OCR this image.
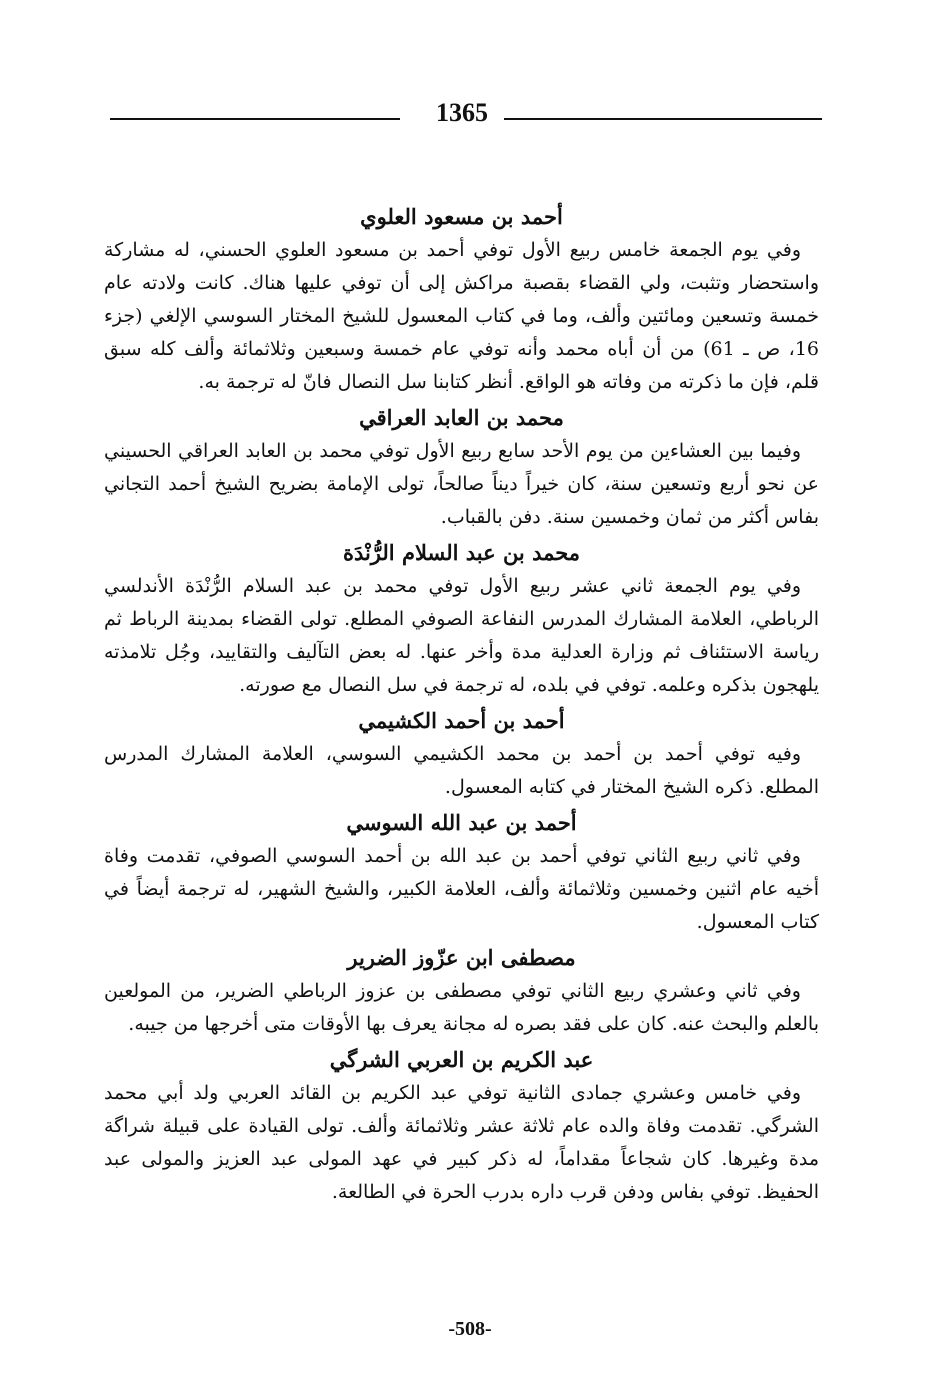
1365
أحمد بن مسعود العلوي

وفي يوم الجمعة خامس ربيع الأول توفي أحمد بن مسعود العلوي الحسني، له مشاركة واستحضار وتثبت، ولي القضاء بقصبة مراكش إلى أن توفي عليها هناك. كانت ولادته عام خمسة وتسعين ومائتين وألف، وما في كتاب المعسول للشيخ المختار السوسي الإلغي (جزء 16، ص ـ 61) من أن أباه محمد وأنه توفي عام خمسة وسبعين وثلاثمائة وألف كله سبق قلم، فإن ما ذكرته من وفاته هو الواقع. أنظر كتابنا سل النصال فانّ له ترجمة به.

محمد بن العابد العراقي

وفيما بين العشاءين من يوم الأحد سابع ربيع الأول توفي محمد بن العابد العراقي الحسيني عن نحو أربع وتسعين سنة، كان خيراً ديناً صالحاً، تولى الإمامة بضريح الشيخ أحمد التجاني بفاس أكثر من ثمان وخمسين سنة. دفن بالقباب.

محمد بن عبد السلام الرُّنْدَة

وفي يوم الجمعة ثاني عشر ربيع الأول توفي محمد بن عبد السلام الرُّنْدَة الأندلسي الرباطي، العلامة المشارك المدرس النفاعة الصوفي المطلع. تولى القضاء بمدينة الرباط ثم رياسة الاستئناف ثم وزارة العدلية مدة وأخر عنها. له بعض التآليف والتقاييد، وجُل تلامذته يلهجون بذكره وعلمه. توفي في بلده، له ترجمة في سل النصال مع صورته.

أحمد بن أحمد الكشيمي

وفيه توفي أحمد بن أحمد بن محمد الكشيمي السوسي، العلامة المشارك المدرس المطلع. ذكره الشيخ المختار في كتابه المعسول.

أحمد بن عبد الله السوسي

وفي ثاني ربيع الثاني توفي أحمد بن عبد الله بن أحمد السوسي الصوفي، تقدمت وفاة أخيه عام اثنين وخمسين وثلاثمائة وألف، العلامة الكبير، والشيخ الشهير، له ترجمة أيضاً في كتاب المعسول.

مصطفى ابن عزّوز الضرير

وفي ثاني وعشري ربيع الثاني توفي مصطفى بن عزوز الرباطي الضرير، من المولعين بالعلم والبحث عنه. كان على فقد بصره له مجانة يعرف بها الأوقات متى أخرجها من جيبه.

عبد الكريم بن العربي الشرگي

وفي خامس وعشري جمادى الثانية توفي عبد الكريم بن القائد العربي ولد أبي محمد الشرگي. تقدمت وفاة والده عام ثلاثة عشر وثلاثمائة وألف. تولى القيادة على قبيلة شراگة مدة وغيرها. كان شجاعاً مقداماً، له ذكر كبير في عهد المولى عبد العزيز والمولى عبد الحفيظ. توفي بفاس ودفن قرب داره بدرب الحرة في الطالعة.

-508-
